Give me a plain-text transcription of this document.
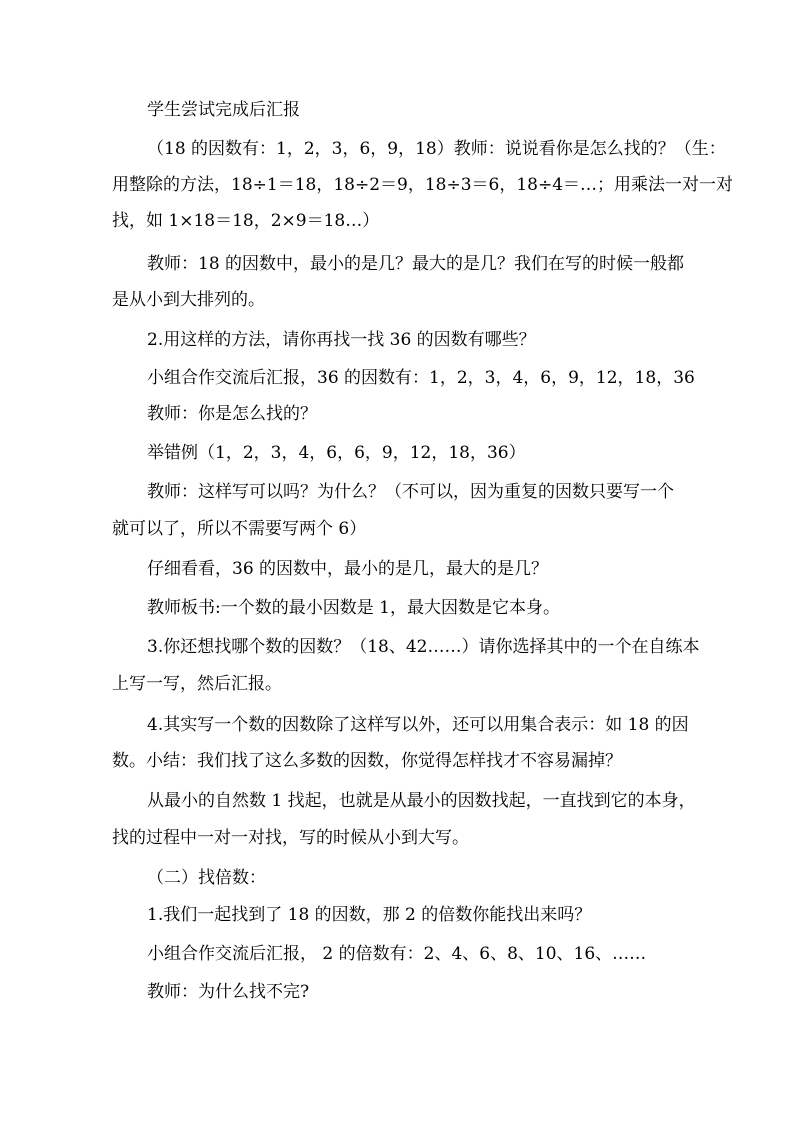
学生尝试完成后汇报
（18 的因数有：1，2，3，6，9，18）教师：说说看你是怎么找的？（生：
用整除的方法，18÷1＝18，18÷2＝9，18÷3＝6，18÷4＝…；用乘法一对一对
找，如 1×18＝18，2×9＝18…）
教师：18 的因数中，最小的是几？最大的是几？我们在写的时候一般都
是从小到大排列的。
2.用这样的方法，请你再找一找 36 的因数有哪些？
小组合作交流后汇报，36 的因数有：1，2，3，4，6，9，12，18，36
教师：你是怎么找的？
举错例（1，2，3，4，6，6，9，12，18，36）
教师：这样写可以吗？为什么？（不可以，因为重复的因数只要写一个
就可以了，所以不需要写两个 6）
仔细看看，36 的因数中，最小的是几，最大的是几？
教师板书:一个数的最小因数是 1，最大因数是它本身。
3.你还想找哪个数的因数？（18、42……）请你选择其中的一个在自练本
上写一写，然后汇报。
4.其实写一个数的因数除了这样写以外，还可以用集合表示：如 18 的因
数。小结：我们找了这么多数的因数，你觉得怎样找才不容易漏掉？
从最小的自然数 1 找起，也就是从最小的因数找起，一直找到它的本身，
找的过程中一对一对找，写的时候从小到大写。
（二）找倍数：
1.我们一起找到了 18 的因数，那 2 的倍数你能找出来吗？
小组合作交流后汇报， 2 的倍数有：2、4、6、8、10、16、……
教师：为什么找不完?
